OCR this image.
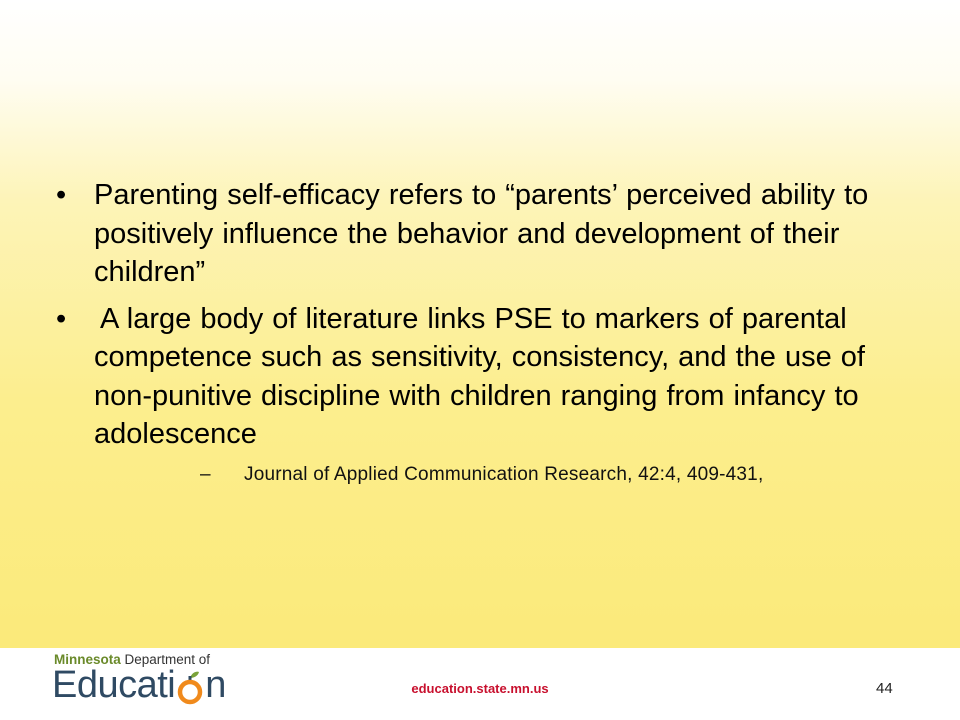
• Parenting self-efficacy refers to “parents’ perceived ability to positively influence the behavior and development of their children”
•	A large body of literature links PSE to markers of parental competence such as sensitivity, consistency, and the use of non-punitive discipline with children ranging from infancy to adolescence
– Journal of Applied Communication Research, 42:4, 409-431,
Minnesota Department of
Educati n	education.state.mn.us	44
